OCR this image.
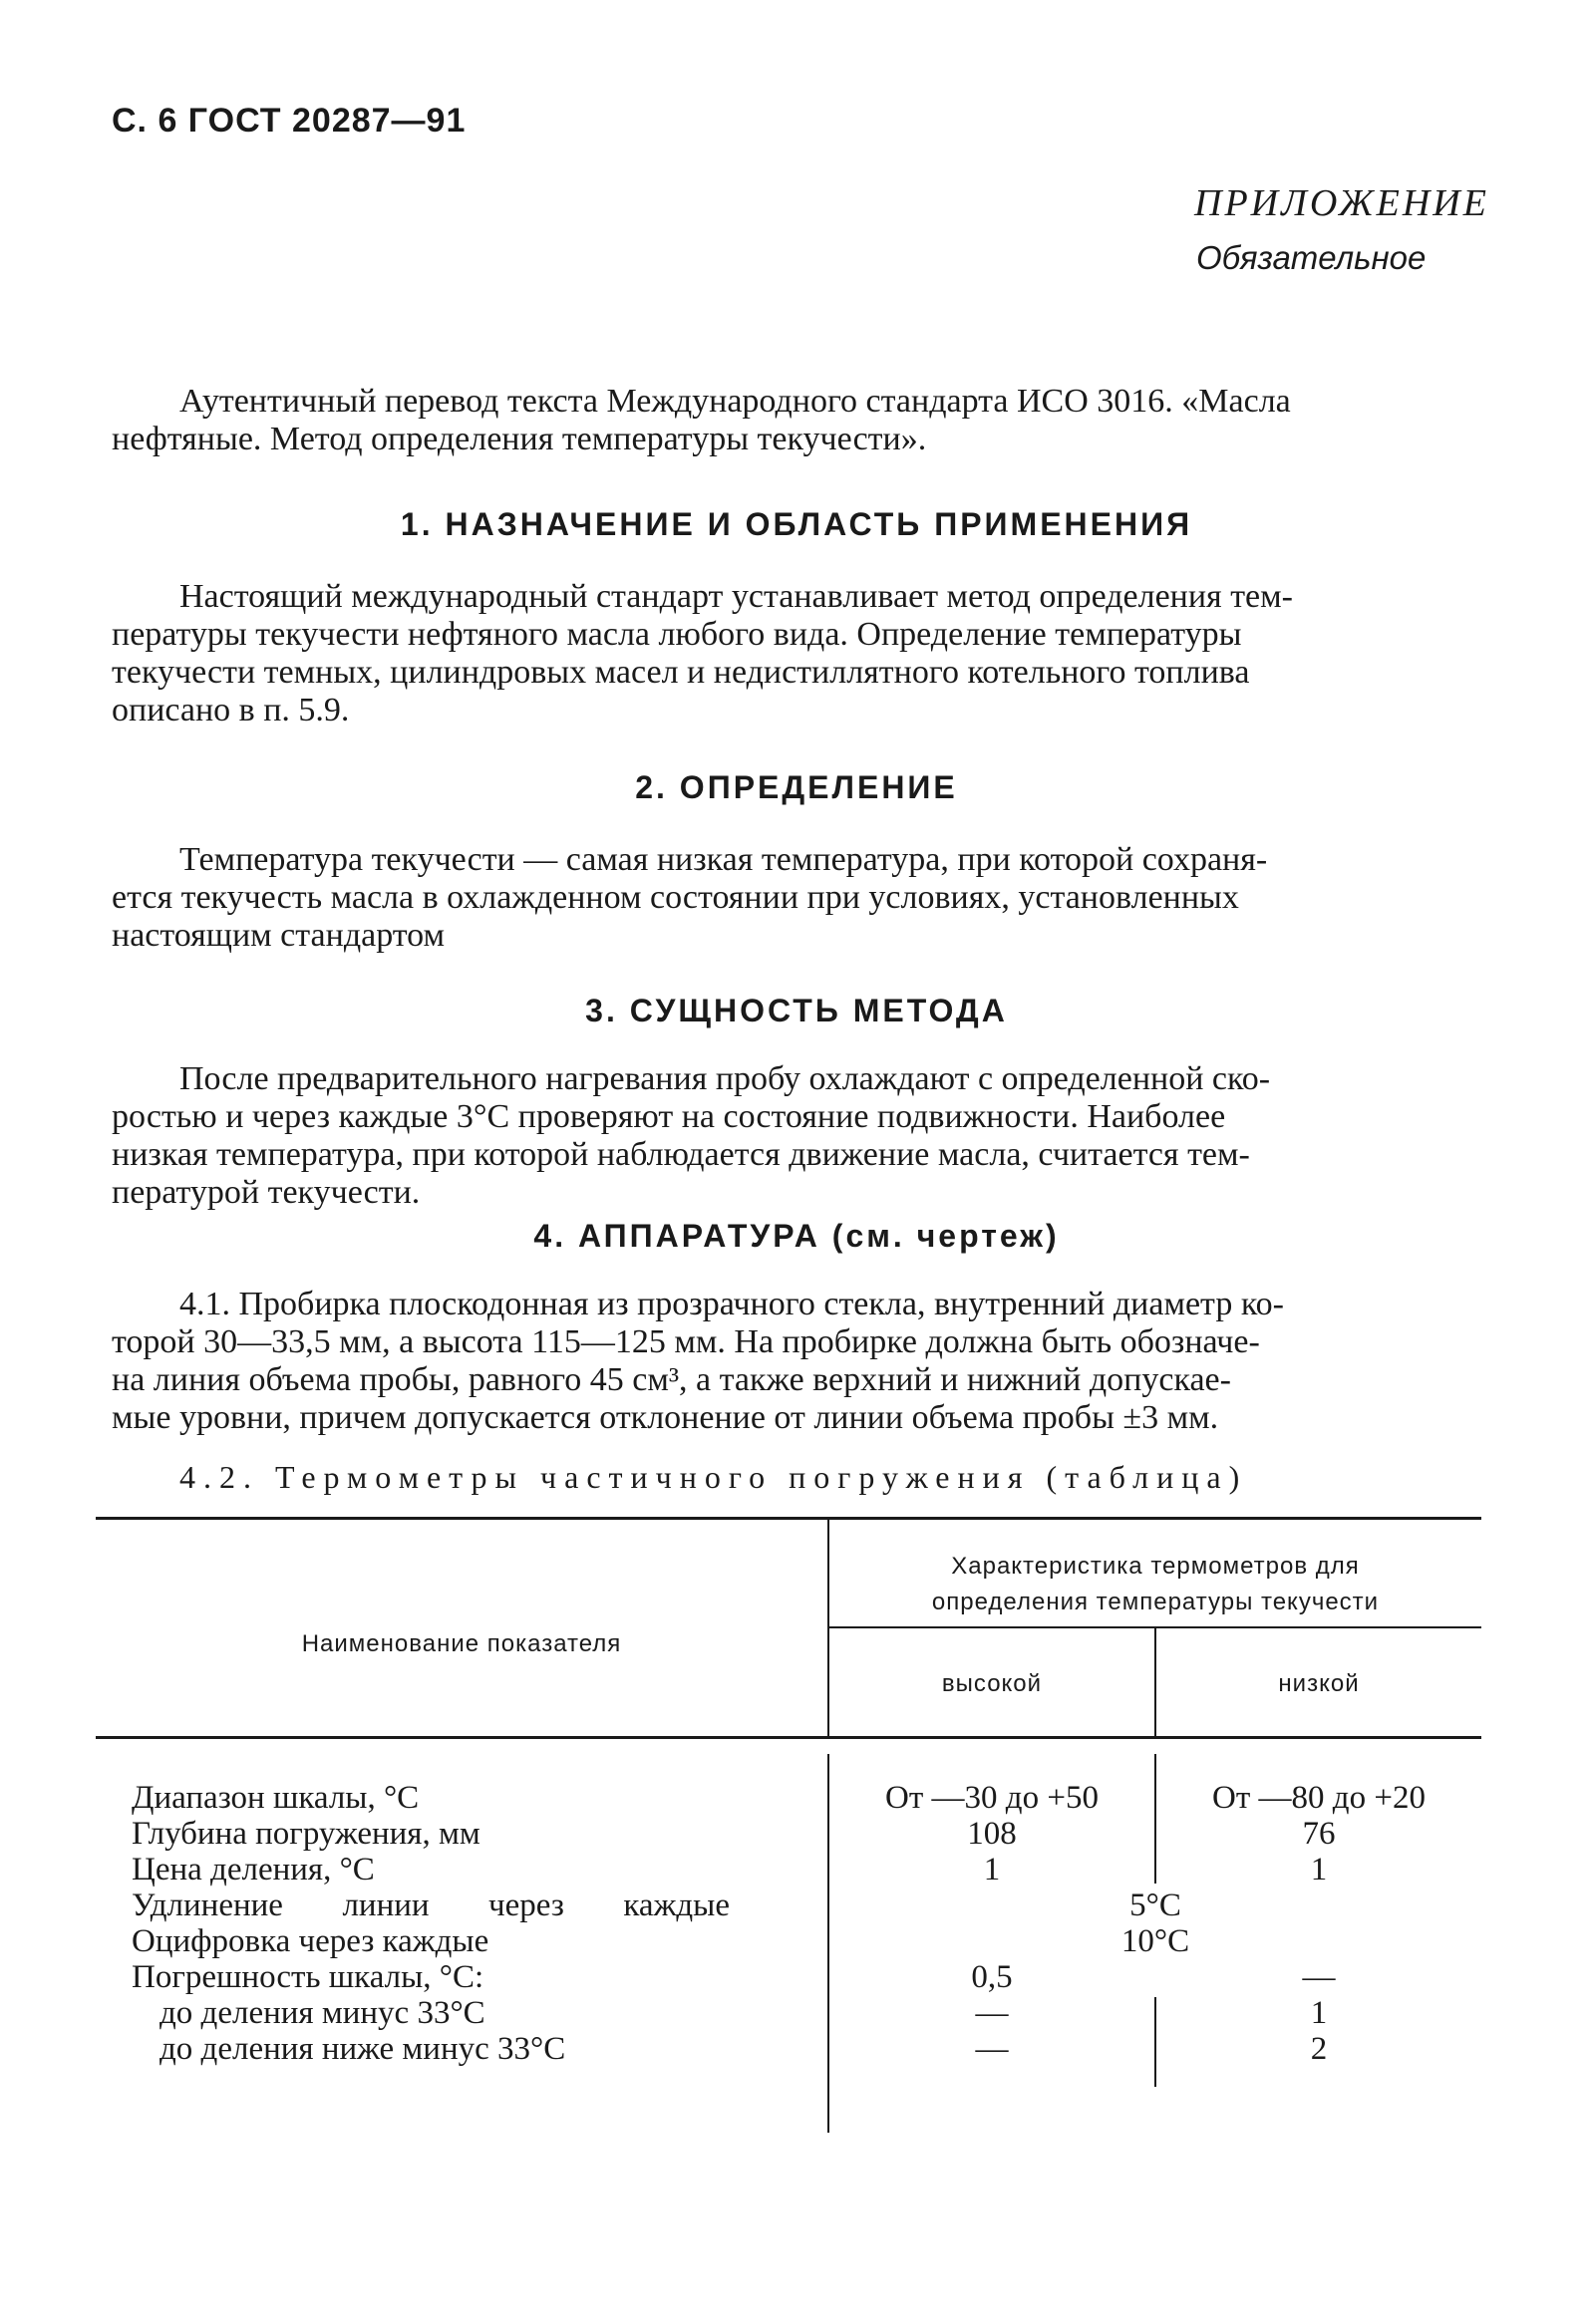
С. 6 ГОСТ 20287—91
ПРИЛОЖЕНИЕ
Обязательное
Аутентичный перевод текста Международного стандарта ИСО 3016. «Масла
нефтяные. Метод определения температуры текучести».
1. НАЗНАЧЕНИЕ И ОБЛАСТЬ ПРИМЕНЕНИЯ
Настоящий международный стандарт устанавливает метод определения тем-
пературы текучести нефтяного масла любого вида. Определение температуры
текучести темных, цилиндровых масел и недистиллятного котельного топлива
описано в п. 5.9.
2. ОПРЕДЕЛЕНИЕ
Температура текучести — самая низкая температура, при которой сохраня-
ется текучесть масла в охлажденном состоянии при условиях, установленных
настоящим стандартом
3. СУЩНОСТЬ МЕТОДА
После предварительного нагревания пробу охлаждают с определенной ско-
ростью и через каждые 3°С проверяют на состояние подвижности. Наиболее
низкая температура, при которой наблюдается движение масла, считается тем-
пературой текучести.
4. АППАРАТУРА (см. чертеж)
4.1. Пробирка плоскодонная из прозрачного стекла, внутренний диаметр ко-
торой 30—33,5 мм, а высота 115—125 мм. На пробирке должна быть обозначе-
на линия объема пробы, равного 45 см³, а также верхний и нижний допускае-
мые уровни, причем допускается отклонение от линии объема пробы ±3 мм.
4.2. Термометры частичного погружения (таблица)
Наименование показателя
Характеристика термометров для
определения температуры текучести
высокой	низкой
Диапазон шкалы, °С	От —30 до +50	От —80 до +20
Глубина погружения, мм	108	76
Цена деления, °С	1	1
Удлинение линии через каждые	5°С
Оцифровка через каждые	10°С
Погрешность шкалы, °С:	0,5	—
до деления минус 33°С	—	1
до деления ниже минус 33°С	—	2
